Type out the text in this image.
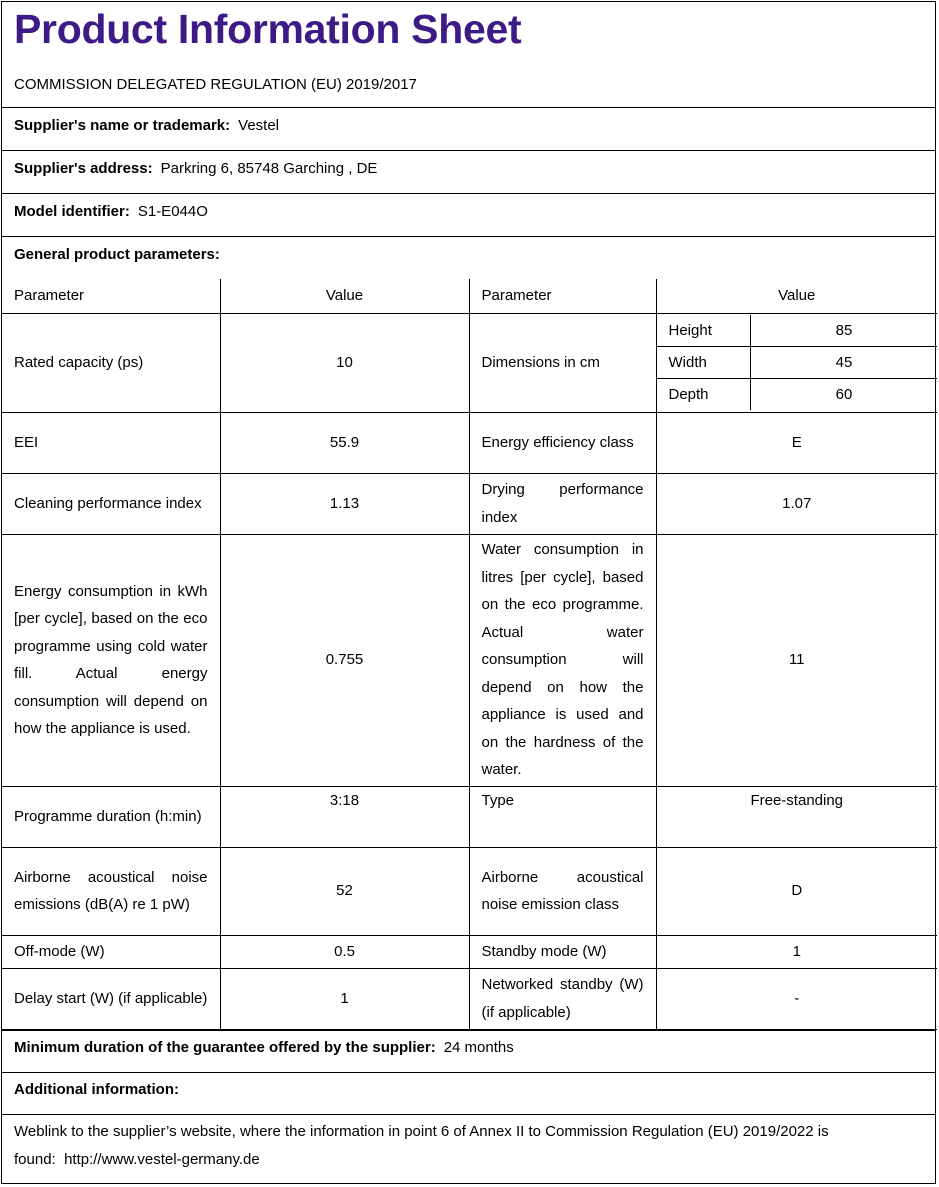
Product Information Sheet
COMMISSION DELEGATED REGULATION (EU) 2019/2017
Supplier's name or trademark: Vestel
Supplier's address: Parkring 6, 85748 Garching , DE
Model identifier: S1-E044O
General product parameters:
Parameter	Value	Parameter	Value
Rated capacity (ps)	10	Dimensions in cm	
Height	85
Width	45
Depth	60

EEI	55.9	Energy efficiency class	E
Cleaning performance index	1.13	Drying performance index	1.07
Energy consumption in kWh [per cycle], based on the eco programme using cold water fill. Actual energy consumption will depend on how the appliance is used.	0.755	Water consumption in litres [per cycle], based on the eco programme. Actual water consumption will depend on how the appliance is used and on the hardness of the water.	11
Programme duration (h:min)	3:18	Type	Free-standing
Airborne acoustical noise emissions (dB(A) re 1 pW)	52	Airborne acoustical noise emission class	D
Off-mode (W)	0.5	Standby mode (W)	1
Delay start (W) (if applicable)	1	Networked standby (W) (if applicable)	-
Minimum duration of the guarantee offered by the supplier: 24 months
Additional information:
Weblink to the supplier’s website, where the information in point 6 of Annex II to Commission Regulation (EU) 2019/2022 is found: http://www.vestel-germany.de
